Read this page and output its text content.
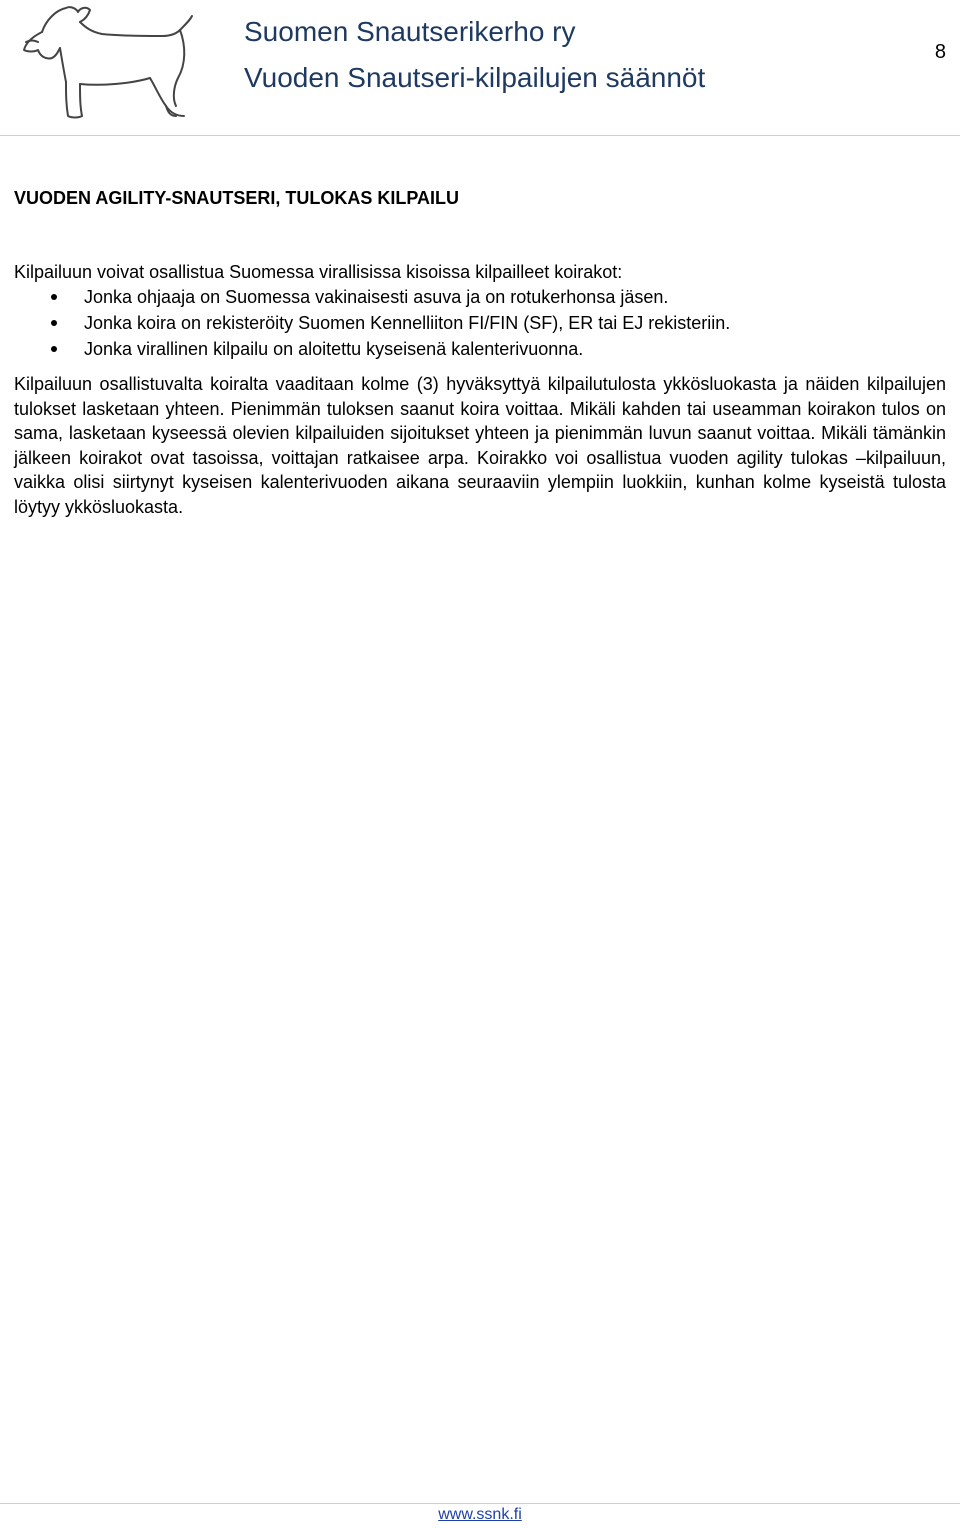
Suomen Snautserikerho ry
Vuoden Snautseri-kilpailujen säännöt
8
VUODEN AGILITY-SNAUTSERI, TULOKAS KILPAILU

Kilpailuun voivat osallistua Suomessa virallisissa kisoissa kilpailleet koirakot:

Jonka ohjaaja on Suomessa vakinaisesti asuva ja on rotukerhonsa jäsen.
Jonka koira on rekisteröity Suomen Kennelliiton FI/FIN (SF), ER tai EJ rekisteriin.
Jonka virallinen kilpailu on aloitettu kyseisenä kalenterivuonna.

Kilpailuun osallistuvalta koiralta vaaditaan kolme (3) hyväksyttyä kilpailutulosta ykkösluokasta ja näiden kilpailujen tulokset lasketaan yhteen. Pienimmän tuloksen saanut koira voittaa. Mikäli kahden tai useamman koirakon tulos on sama, lasketaan kyseessä olevien kilpailuiden sijoitukset yhteen ja pienimmän luvun saanut voittaa. Mikäli tämänkin jälkeen koirakot ovat tasoissa, voittajan ratkaisee arpa. Koirakko voi osallistua vuoden agility tulokas –kilpailuun, vaikka olisi siirtynyt kyseisen kalenterivuoden aikana seuraaviin ylempiin luokkiin, kunhan kolme kyseistä tulosta löytyy ykkösluokasta.

www.ssnk.fi
